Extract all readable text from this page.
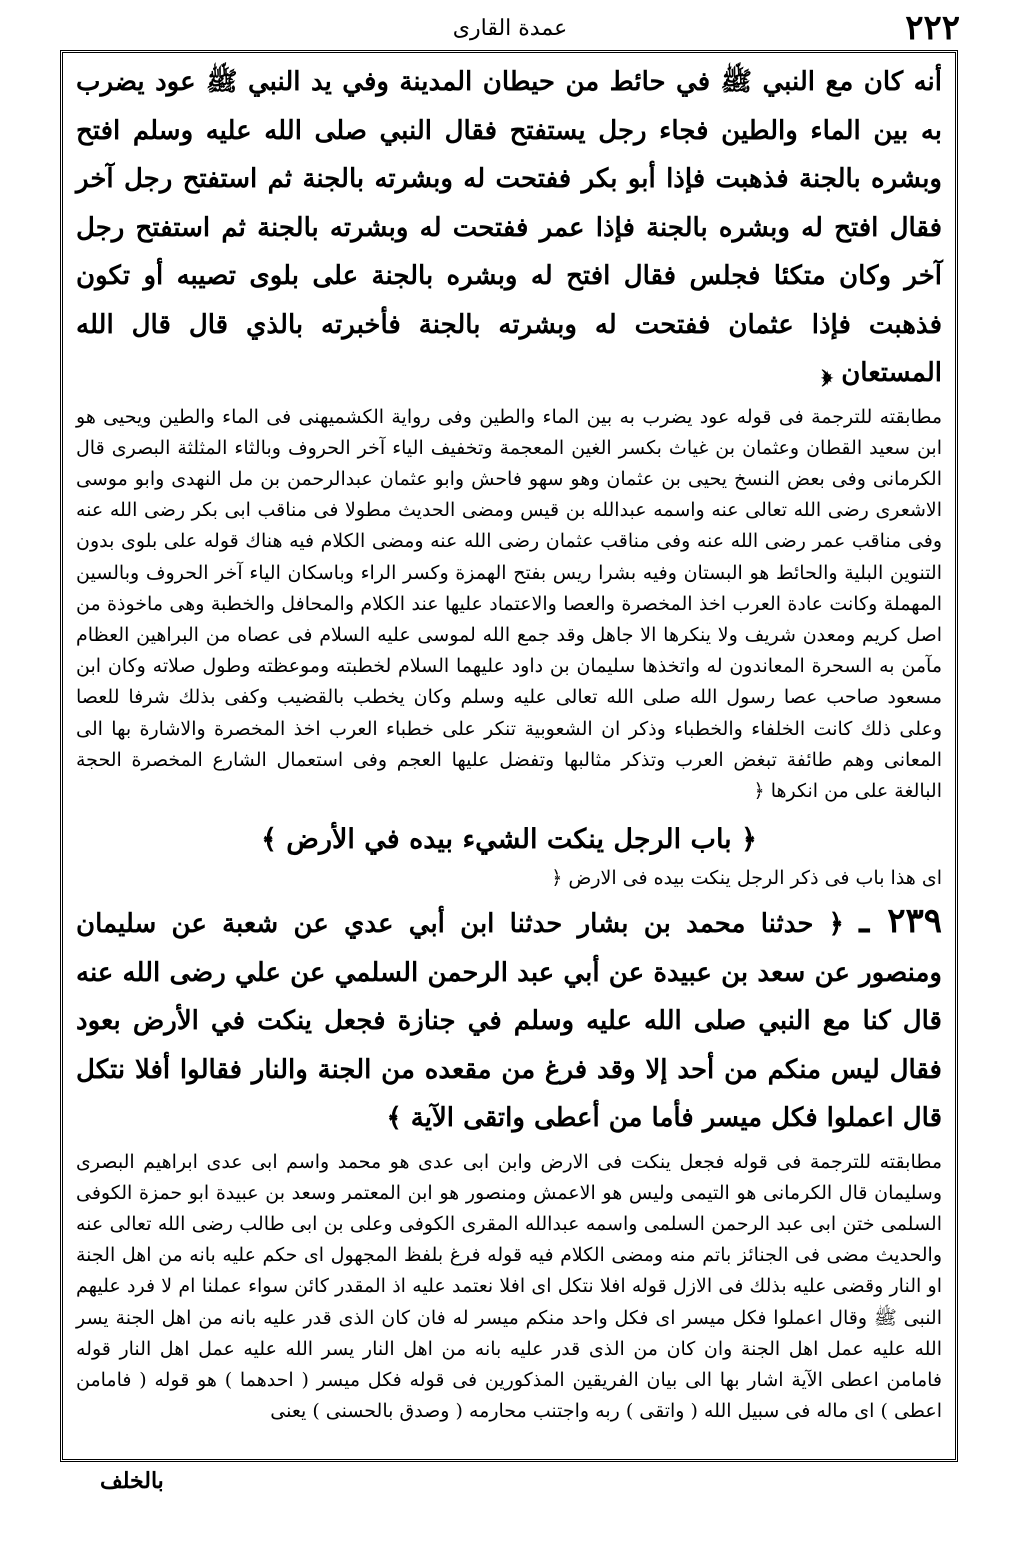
عمدة القارى	٢٢٢

أنه كان مع النبي ﷺ في حائط من حيطان المدينة وفي يد النبي ﷺ عود يضرب به بين الماء والطين فجاء رجل يستفتح فقال النبي صلى الله عليه وسلم افتح وبشره بالجنة فذهبت فإذا أبو بكر ففتحت له وبشرته بالجنة ثم استفتح رجل آخر فقال افتح له وبشره بالجنة فإذا عمر ففتحت له وبشرته بالجنة ثم استفتح رجل آخر وكان متكئا فجلس فقال افتح له وبشره بالجنة على بلوى تصيبه أو تكون فذهبت فإذا عثمان ففتحت له وبشرته بالجنة فأخبرته بالذي قال قال الله المستعان ﴿

مطابقته للترجمة فى قوله عود يضرب به بين الماء والطين وفى رواية الكشميهنى فى الماء والطين ويحيى هو ابن سعيد القطان وعثمان بن غياث بكسر الغين المعجمة وتخفيف الياء آخر الحروف وبالثاء المثلثة البصرى قال الكرمانى وفى بعض النسخ يحيى بن عثمان وهو سهو فاحش وابو عثمان عبدالرحمن بن مل النهدى وابو موسى الاشعرى رضى الله تعالى عنه واسمه عبدالله بن قيس ومضى الحديث مطولا فى مناقب ابى بكر رضى الله عنه وفى مناقب عمر رضى الله عنه وفى مناقب عثمان رضى الله عنه ومضى الكلام فيه هناك قوله على بلوى بدون التنوين البلية والحائط هو البستان وفيه بشرا ريس بفتح الهمزة وكسر الراء وباسكان الياء آخر الحروف وبالسين المهملة وكانت عادة العرب اخذ المخصرة والعصا والاعتماد عليها عند الكلام والمحافل والخطبة وهى ماخوذة من اصل كريم ومعدن شريف ولا ينكرها الا جاهل وقد جمع الله لموسى عليه السلام فى عصاه من البراهين العظام مآمن به السحرة المعاندون له واتخذها سليمان بن داود عليهما السلام لخطبته وموعظته وطول صلاته وكان ابن مسعود صاحب عصا رسول الله صلى الله تعالى عليه وسلم وكان يخطب بالقضيب وكفى بذلك شرفا للعصا وعلى ذلك كانت الخلفاء والخطباء وذكر ان الشعوبية تنكر على خطباء العرب اخذ المخصرة والاشارة بها الى المعانى وهم طائفة تبغض العرب وتذكر مثالبها وتفضل عليها العجم وفى استعمال الشارع المخصرة الحجة البالغة على من انكرها ﴿

﴿ باب الرجل ينكت الشيء بيده في الأرض ﴾

اى هذا باب فى ذكر الرجل ينكت بيده فى الارض ﴿

٢٣٩ ـ ﴿ حدثنا محمد بن بشار حدثنا ابن أبي عدي عن شعبة عن سليمان ومنصور عن سعد بن عبيدة عن أبي عبد الرحمن السلمي عن علي رضى الله عنه قال كنا مع النبي صلى الله عليه وسلم في جنازة فجعل ينكت في الأرض بعود فقال ليس منكم من أحد إلا وقد فرغ من مقعده من الجنة والنار فقالوا أفلا نتكل قال اعملوا فكل ميسر فأما من أعطى واتقى الآية ﴾

مطابقته للترجمة فى قوله فجعل ينكت فى الارض وابن ابى عدى هو محمد واسم ابى عدى ابراهيم البصرى وسليمان قال الكرمانى هو التيمى وليس هو الاعمش ومنصور هو ابن المعتمر وسعد بن عبيدة ابو حمزة الكوفى السلمى ختن ابى عبد الرحمن السلمى واسمه عبدالله المقرى الكوفى وعلى بن ابى طالب رضى الله تعالى عنه والحديث مضى فى الجنائز باتم منه ومضى الكلام فيه قوله فرغ بلفظ المجهول اى حكم عليه بانه من اهل الجنة او النار وقضى عليه بذلك فى الازل قوله افلا نتكل اى افلا نعتمد عليه اذ المقدر كائن سواء عملنا ام لا فرد عليهم النبى ﷺ وقال اعملوا فكل ميسر اى فكل واحد منكم ميسر له فان كان الذى قدر عليه بانه من اهل الجنة يسر الله عليه عمل اهل الجنة وان كان من الذى قدر عليه بانه من اهل النار يسر الله عليه عمل اهل النار قوله فامامن اعطى الآية اشار بها الى بيان الفريقين المذكورين فى قوله فكل ميسر ( احدهما ) هو قوله ( فامامن اعطى ) اى ماله فى سبيل الله ( واتقى ) ربه واجتنب محارمه ( وصدق بالحسنى ) يعنى

بالخلف
